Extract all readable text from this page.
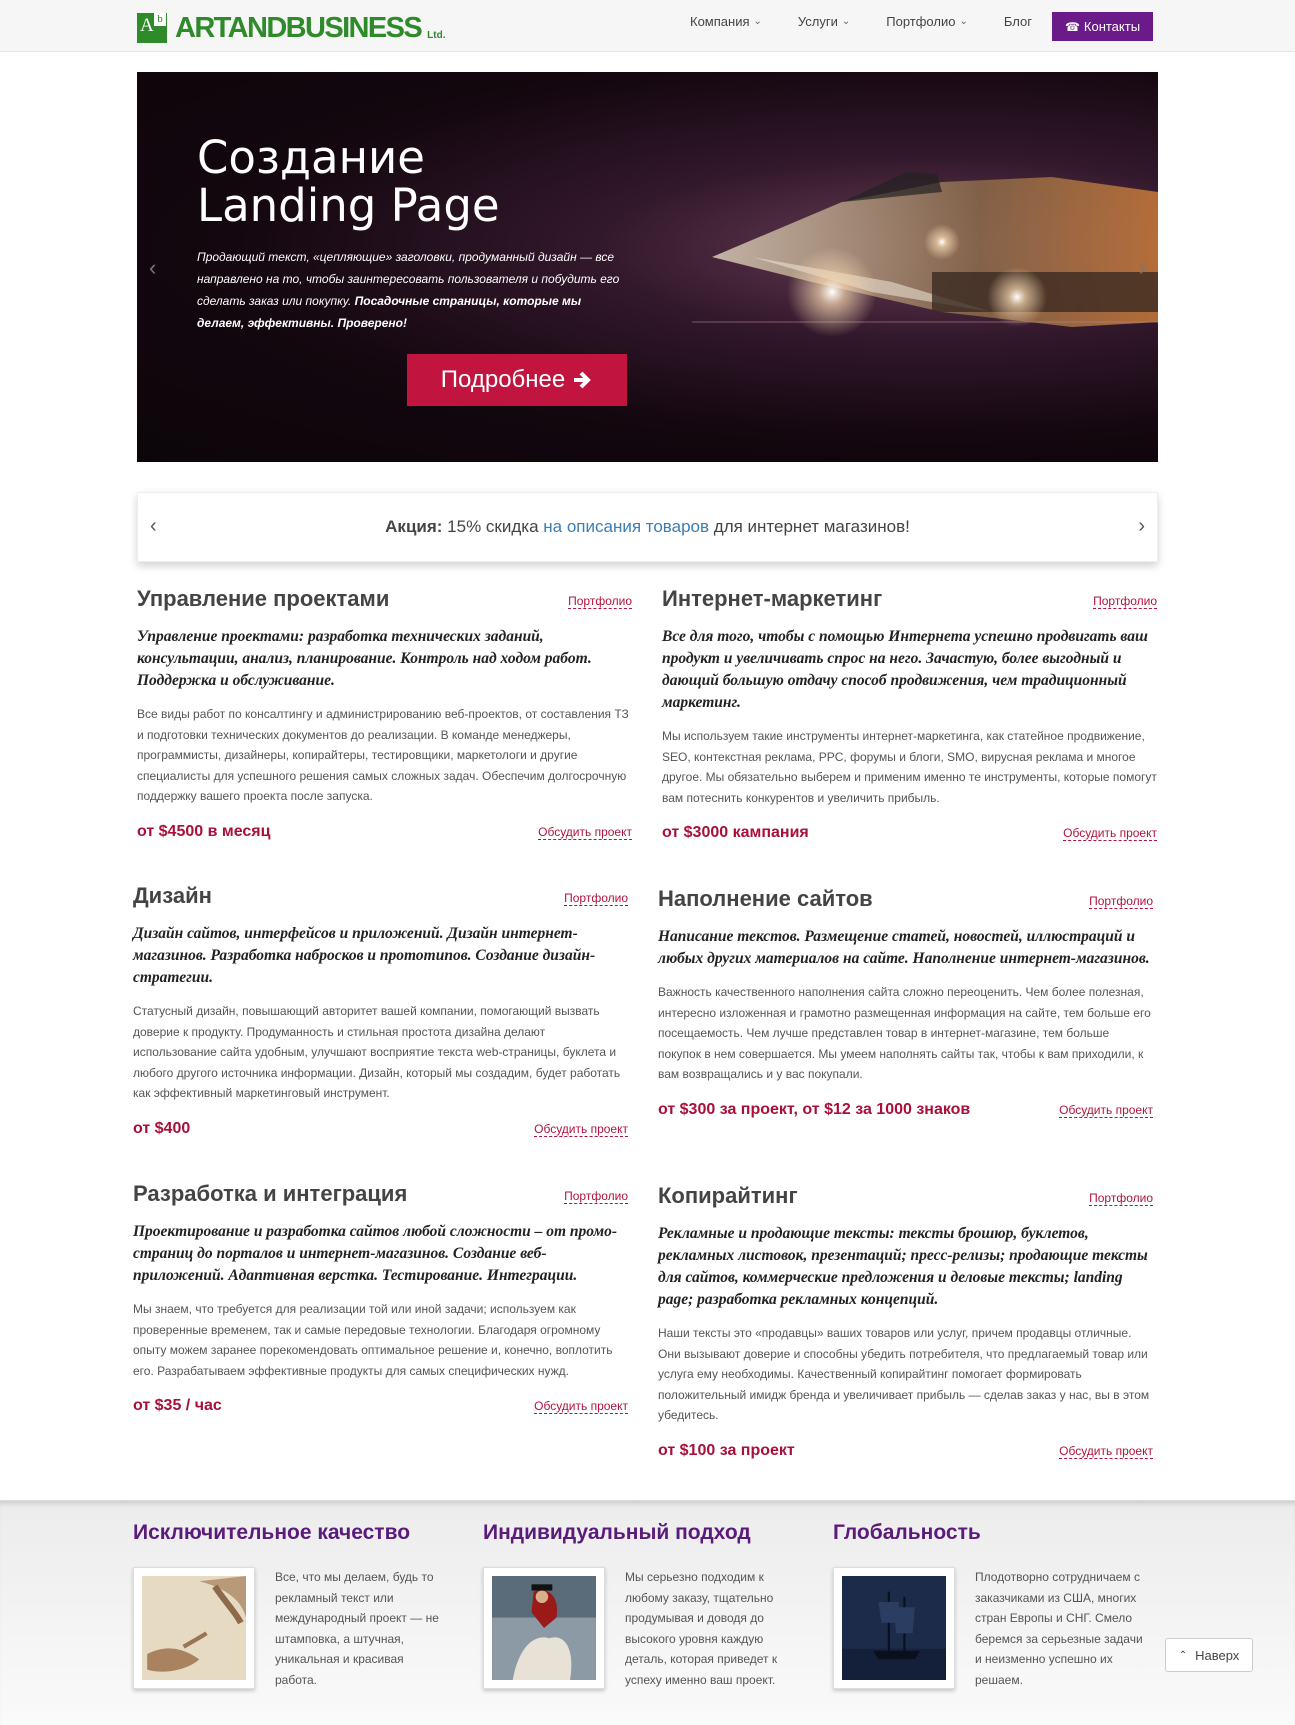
A b ARTANDBUSINESS Ltd.
Компания ⌄	Услуги ⌄	Портфолио ⌄	Блог	☎ Контакты
Создание
Landing Page

Продающий текст, «цепляющие» заголовки, продуманный дизайн — все направлено на то, чтобы заинтересовать пользователя и побудить его сделать заказ или покупку. Посадочные страницы, которые мы делаем, эффективны. Проверено!

Подробнее
‹	›
‹	Акция: 15% скидка на описания товаров для интернет магазинов!	›
Управление проектами	Портфолио

Управление проектами: разработка технических заданий, консультации, анализ, планирование. Контроль над ходом работ. Поддержка и обслуживание.

Все виды работ по консалтингу и администрированию веб-проектов, от составления ТЗ и подготовки технических документов до реализации. В команде менеджеры, программисты, дизайнеры, копирайтеры, тестировщики, маркетологи и другие специалисты для успешного решения самых сложных задач. Обеспечим долгосрочную поддержку вашего проекта после запуска.

от $4500 в месяц	Обсудить проект
Интернет-маркетинг	Портфолио

Все для того, чтобы с помощью Интернета успешно продвигать ваш продукт и увеличивать спрос на него. Зачастую, более выгодный и дающий большую отдачу способ продвижения, чем традиционный маркетинг.

Мы используем такие инструменты интернет-маркетинга, как статейное продвижение, SEO, контекстная реклама, PPC, форумы и блоги, SMO, вирусная реклама и многое другое. Мы обязательно выберем и применим именно те инструменты, которые помогут вам потеснить конкурентов и увеличить прибыль.

от $3000 кампания	Обсудить проект
Дизайн	Портфолио

Дизайн сайтов, интерфейсов и приложений. Дизайн интернет-магазинов. Разработка набросков и прототипов. Создание дизайн-стратегии.

Статусный дизайн, повышающий авторитет вашей компании, помогающий вызвать доверие к продукту. Продуманность и стильная простота дизайна делают использование сайта удобным, улучшают восприятие текста web-страницы, буклета и любого другого источника информации. Дизайн, который мы создадим, будет работать как эффективный маркетинговый инструмент.

от $400	Обсудить проект
Наполнение сайтов	Портфолио

Написание текстов. Размещение статей, новостей, иллюстраций и любых других материалов на сайте. Наполнение интернет-магазинов.

Важность качественного наполнения сайта сложно переоценить. Чем более полезная, интересно изложенная и грамотно размещенная информация на сайте, тем больше его посещаемость. Чем лучше представлен товар в интернет-магазине, тем больше покупок в нем совершается. Мы умеем наполнять сайты так, чтобы к вам приходили, к вам возвращались и у вас покупали.

от $300 за проект, от $12 за 1000 знаков	Обсудить проект
Разработка и интеграция	Портфолио

Проектирование и разработка сайтов любой сложности – от промо-страниц до порталов и интернет-магазинов. Создание веб-приложений. Адаптивная верстка. Тестирование. Интеграции.

Мы знаем, что требуется для реализации той или иной задачи; используем как проверенные временем, так и самые передовые технологии. Благодаря огромному опыту можем заранее порекомендовать оптимальное решение и, конечно, воплотить его. Разрабатываем эффективные продукты для самых специфических нужд.

от $35 / час	Обсудить проект
Копирайтинг	Портфолио

Рекламные и продающие тексты: тексты брошюр, буклетов, рекламных листовок, презентаций; пресс-релизы; продающие тексты для сайтов, коммерческие предложения и деловые тексты; landing page; разработка рекламных концепций.

Наши тексты это «продавцы» ваших товаров или услуг, причем продавцы отличные. Они вызывают доверие и способны убедить потребителя, что предлагаемый товар или услуга ему необходимы. Качественный копирайтинг помогает формировать положительный имидж бренда и увеличивает прибыль — сделав заказ у нас, вы в этом убедитесь.

от $100 за проект	Обсудить проект
Исключительное качество

Все, что мы делаем, будь то рекламный текст или международный проект — не штамповка, а штучная, уникальная и красивая работа.

Индивидуальный подход

Мы серьезно подходим к любому заказу, тщательно продумывая и доводя до высокого уровня каждую деталь, которая приведет к успеху именно ваш проект.

Глобальность

Плодотворно сотрудничаем с заказчиками из США, многих стран Европы и СНГ. Смело беремся за серьезные задачи и неизменно успешно их решаем.

⌃ Наверх
